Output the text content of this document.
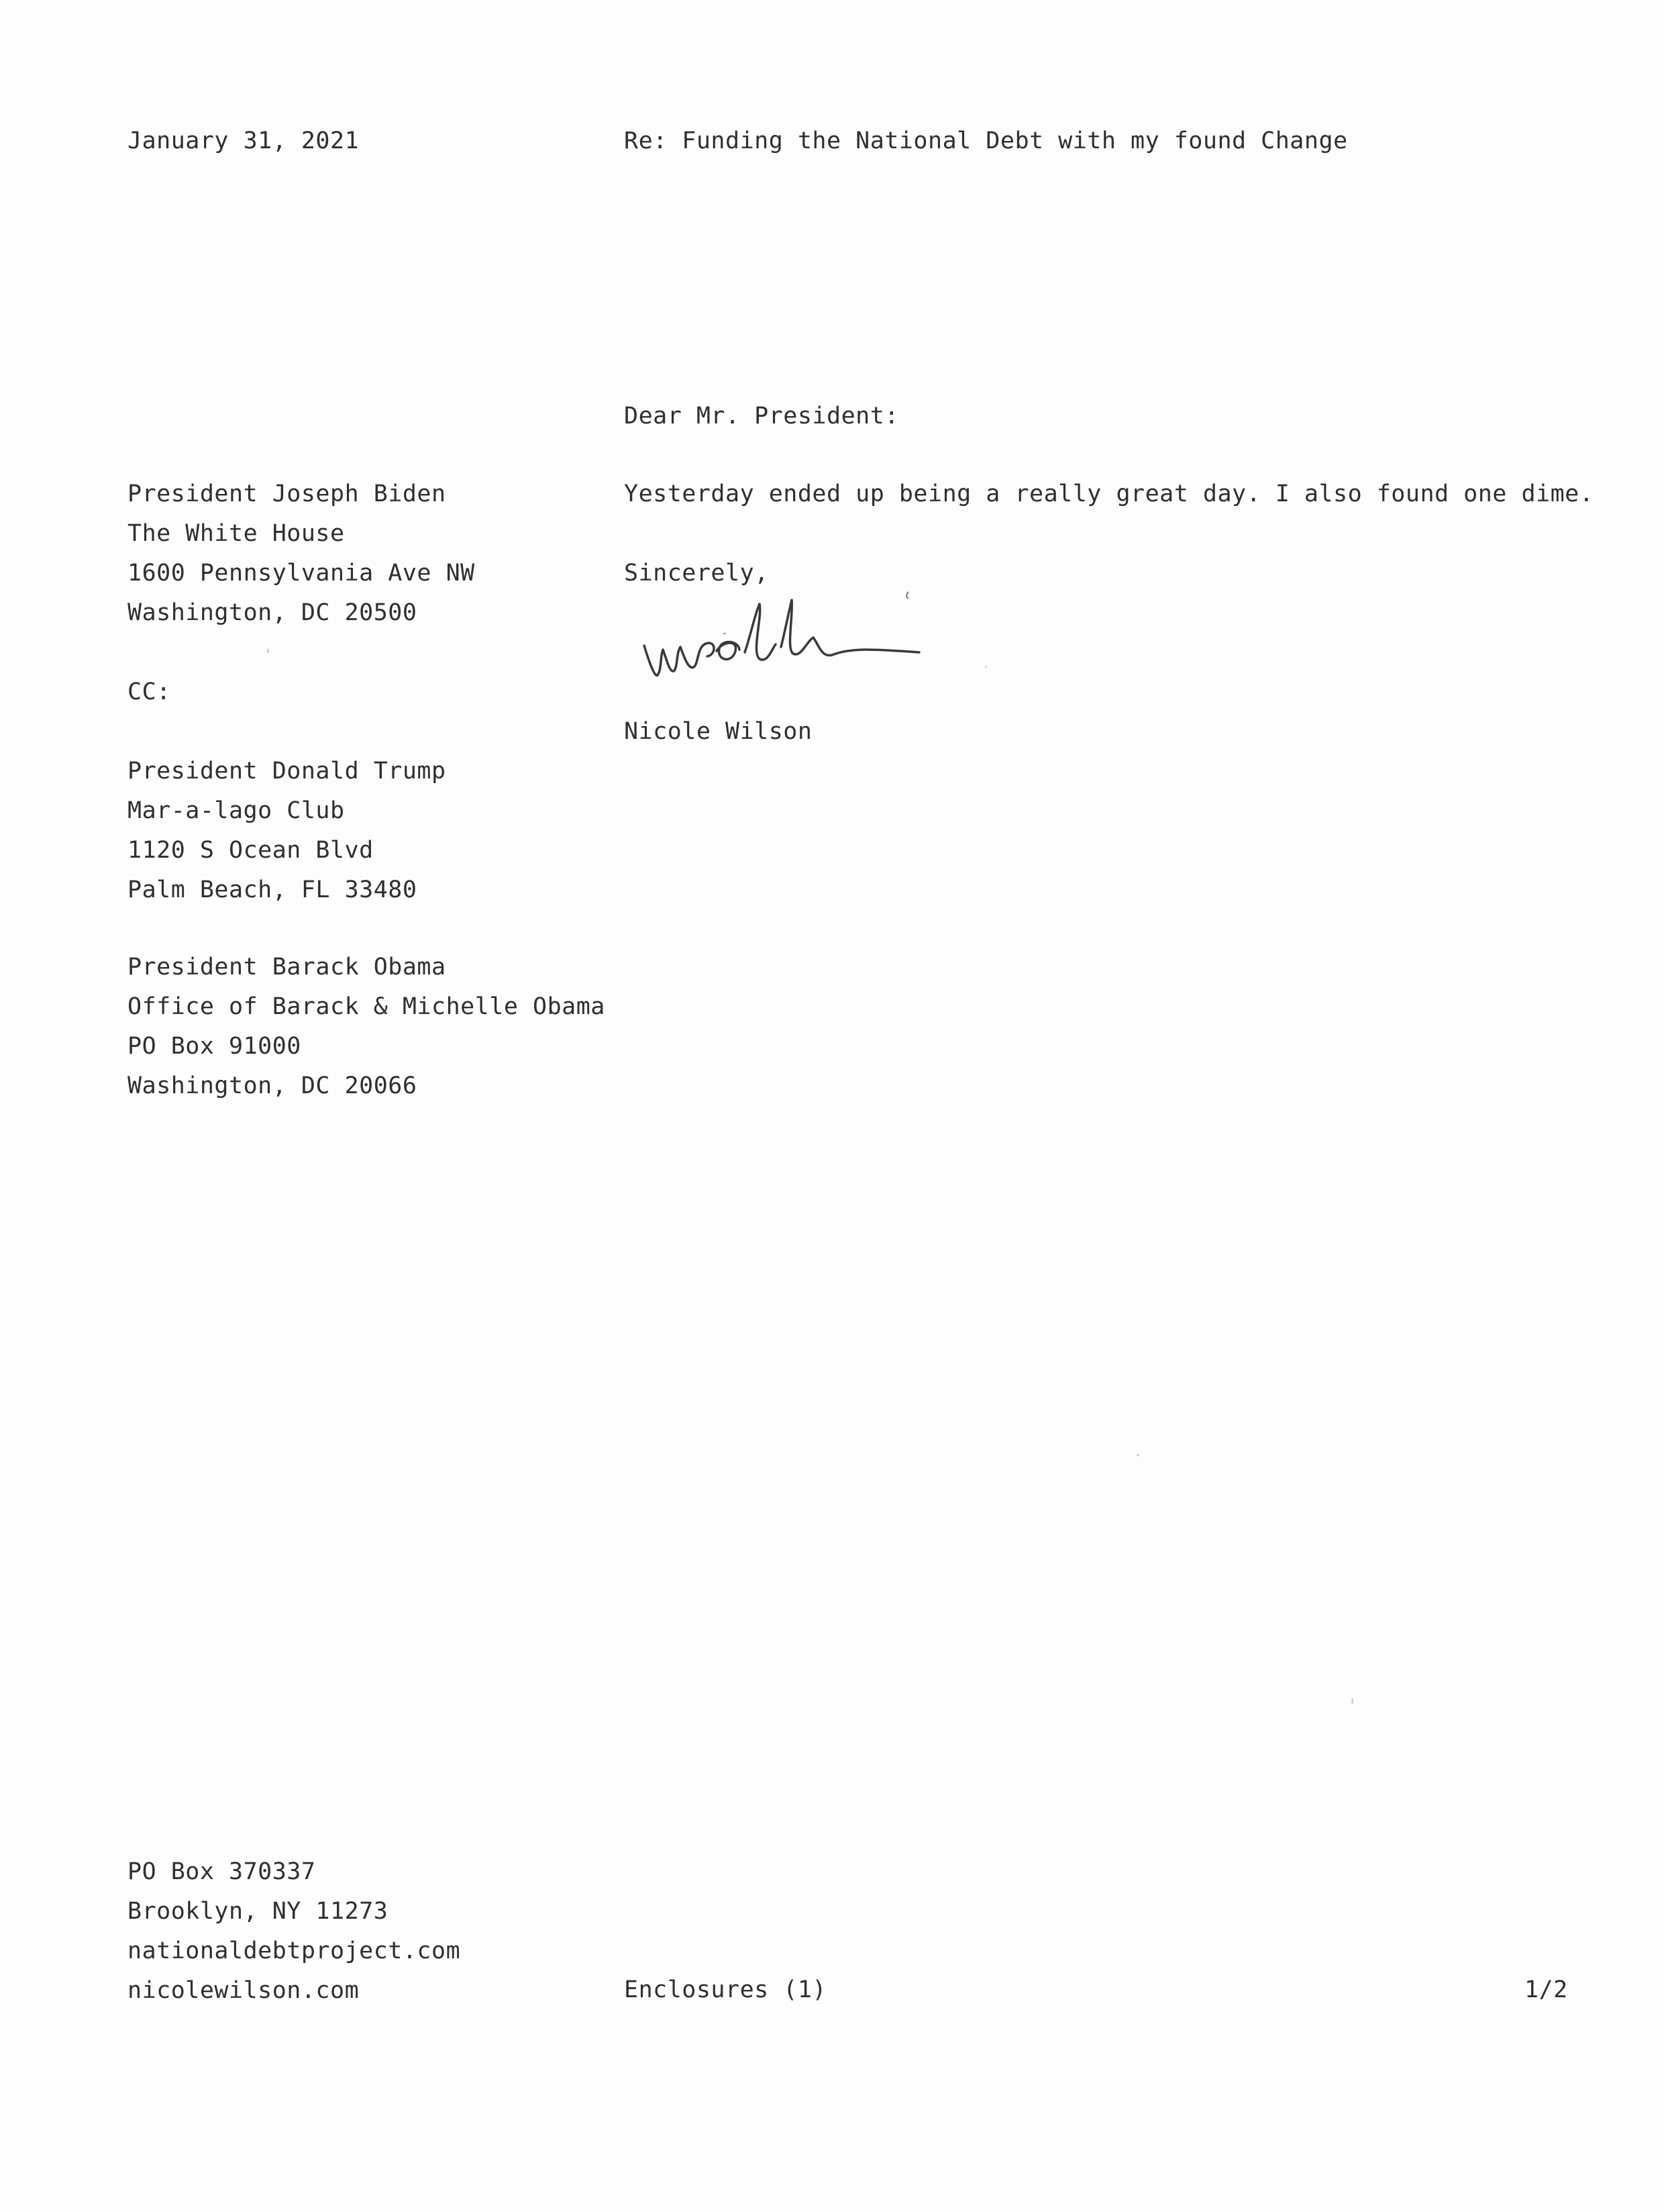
January 31, 2021	Re: Funding the National Debt with my found Change

Dear Mr. President:

Yesterday ended up being a really great day. I also found one dime.

Sincerely,

Nicole Wilson

President Joseph Biden
The White House
1600 Pennsylvania Ave NW
Washington, DC 20500

CC:

President Donald Trump
Mar-a-lago Club
1120 S Ocean Blvd
Palm Beach, FL 33480
President Barack Obama
Office of Barack & Michelle Obama
PO Box 91000
Washington, DC 20066
PO Box 370337
Brooklyn, NY 11273
nationaldebtproject.com
nicolewilson.com	Enclosures (1)	1/2
